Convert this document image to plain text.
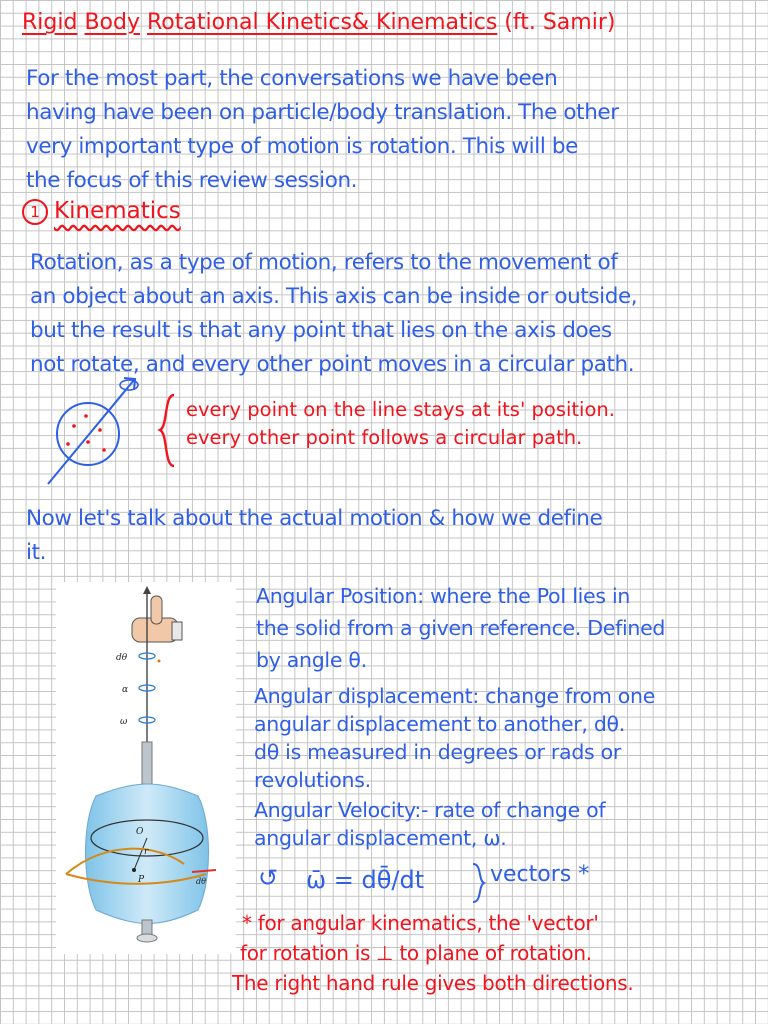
Rigid Body Rotational Kinetics& Kinematics (ft. Samir)
For the most part, the conversations we have been
having have been on particle/body translation. The other
very important type of motion is rotation. This will be
the focus of this review session.
1 Kinematics
Rotation, as a type of motion, refers to the movement of
an object about an axis. This axis can be inside or outside,
but the result is that any point that lies on the axis does
not rotate, and every other point moves in a circular path.
every point on the line stays at its' position.
every other point follows a circular path.
Now let's talk about the actual motion & how we define
it.
dθ
α
ω
O
r
P	dθ
Angular Position: where the PoI lies in
the solid from a given reference. Defined
by angle θ.
Angular displacement: change from one
angular displacement to another, dθ.
dθ is measured in degrees or rads or
revolutions.
Angular Velocity:- rate of change of
angular displacement, ω.
↺ ω̄ = dθ̄/dt	vectors *
* for angular kinematics, the 'vector'
for rotation is ⊥ to plane of rotation.
The right hand rule gives both directions.
